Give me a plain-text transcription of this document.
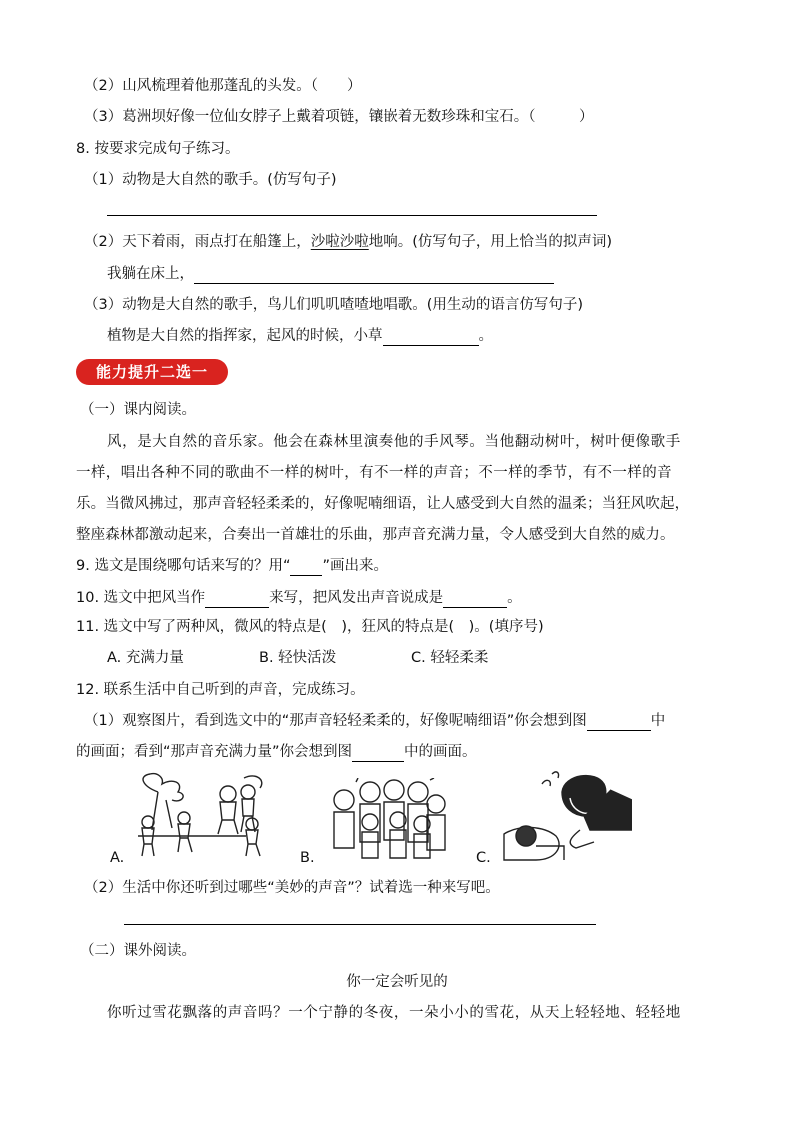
（2）山风梳理着他那蓬乱的头发。（　　）
（3）葛洲坝好像一位仙女脖子上戴着项链，镶嵌着无数珍珠和宝石。（　　　）
8. 按要求完成句子练习。
（1）动物是大自然的歌手。(仿写句子)
（2）天下着雨，雨点打在船篷上，沙啦沙啦地响。(仿写句子，用上恰当的拟声词)
我躺在床上，
（3）动物是大自然的歌手，鸟儿们叽叽喳喳地唱歌。(用生动的语言仿写句子)
植物是大自然的指挥家，起风的时候，小草	。
能力提升二选一
（一）课内阅读。
风，是大自然的音乐家。他会在森林里演奏他的手风琴。当他翻动树叶，树叶便像歌手
一样，唱出各种不同的歌曲不一样的树叶，有不一样的声音；不一样的季节，有不一样的音
乐。当微风拂过，那声音轻轻柔柔的，好像呢喃细语，让人感受到大自然的温柔；当狂风吹起，
整座森林都激动起来，合奏出一首雄壮的乐曲，那声音充满力量，令人感受到大自然的威力。
9. 选文是围绕哪句话来写的？用“ ”画出来。
10. 选文中把风当作	来写，把风发出声音说成是	。
11. 选文中写了两种风，微风的特点是(　)，狂风的特点是(　)。(填序号)
A. 充满力量	B. 轻快活泼	C. 轻轻柔柔
12. 联系生活中自己听到的声音，完成练习。
（1）观察图片，看到选文中的“那声音轻轻柔柔的，好像呢喃细语”你会想到图	中
的画面；看到“那声音充满力量”你会想到图	中的画面。
A.	B.	C.
（2）生活中你还听到过哪些“美妙的声音”？试着选一种来写吧。
（二）课外阅读。
你一定会听见的
你听过雪花飘落的声音吗？一个宁静的冬夜，一朵小小的雪花，从天上轻轻地、轻轻地
